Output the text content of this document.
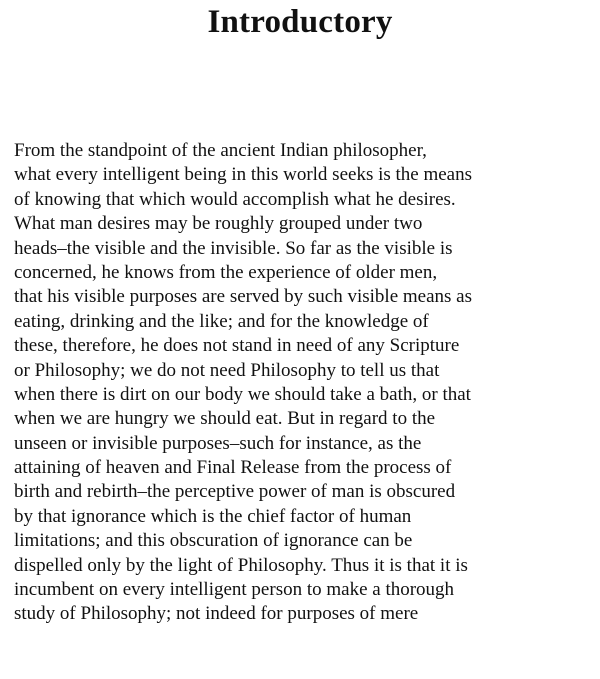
Introductory
From the standpoint of the ancient Indian philosopher,
what every intelligent being in this world seeks is the means
of knowing that which would accomplish what he desires.
What man desires may be roughly grouped under two
heads–the visible and the invisible. So far as the visible is
concerned, he knows from the experience of older men,
that his visible purposes are served by such visible means as
eating, drinking and the like; and for the knowledge of
these, therefore, he does not stand in need of any Scripture
or Philosophy; we do not need Philosophy to tell us that
when there is dirt on our body we should take a bath, or that
when we are hungry we should eat. But in regard to the
unseen or invisible purposes–such for instance, as the
attaining of heaven and Final Release from the process of
birth and rebirth–the perceptive power of man is obscured
by that ignorance which is the chief factor of human
limitations; and this obscuration of ignorance can be
dispelled only by the light of Philosophy. Thus it is that it is
incumbent on every intelligent person to make a thorough
study of Philosophy; not indeed for purposes of mere
